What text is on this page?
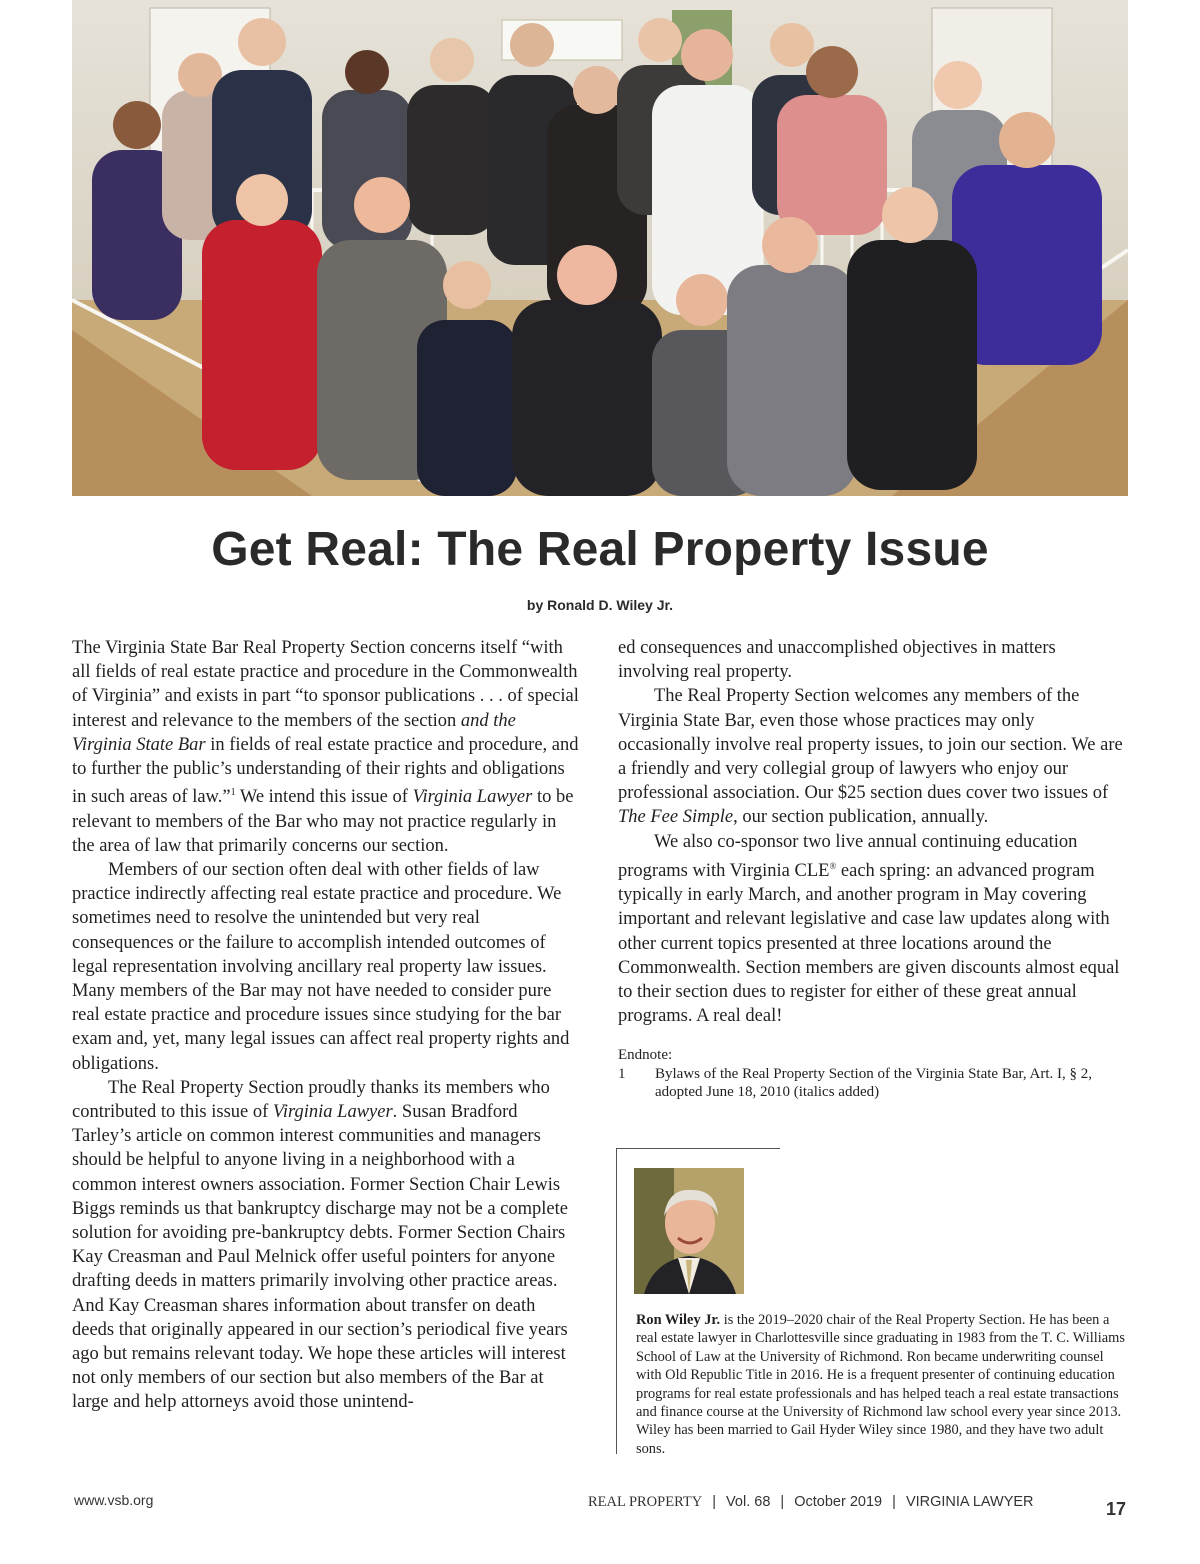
Get Real: The Real Property Issue
by Ronald D. Wiley Jr.

The Virginia State Bar Real Property Section concerns itself “with all fields of real estate practice and procedure in the Commonwealth of Virginia” and exists in part “to sponsor publications . . . of special interest and relevance to the members of the section and the Virginia State Bar in fields of real estate practice and procedure, and to further the public’s understanding of their rights and obligations in such areas of law.”$^1$ We intend this issue of Virginia Lawyer to be relevant to members of the Bar who may not practice regularly in the area of law that primarily concerns our section.

Members of our section often deal with other fields of law practice indirectly affecting real estate practice and procedure. We sometimes need to resolve the unintended but very real consequences or the failure to accomplish intended outcomes of legal representation involving ancillary real property law issues. Many members of the Bar may not have needed to consider pure real estate practice and procedure issues since studying for the bar exam and, yet, many legal issues can affect real property rights and obligations.

The Real Property Section proudly thanks its members who contributed to this issue of Virginia Lawyer. Susan Bradford Tarley’s article on common interest communities and managers should be helpful to anyone living in a neighborhood with a common interest owners association. Former Section Chair Lewis Biggs reminds us that bankruptcy discharge may not be a complete solution for avoiding pre-bankruptcy debts. Former Section Chairs Kay Creasman and Paul Melnick offer useful pointers for anyone drafting deeds in matters primarily involving other practice areas. And Kay Creasman shares information about transfer on death deeds that originally appeared in our section’s periodical five years ago but remains relevant today. We hope these articles will interest not only members of our section but also members of the Bar at large and help attorneys avoid those unintend-

ed consequences and unaccomplished objectives in matters involving real property.

The Real Property Section welcomes any members of the Virginia State Bar, even those whose practices may only occasionally involve real property issues, to join our section. We are a friendly and very collegial group of lawyers who enjoy our professional association. Our $25 section dues cover two issues of The Fee Simple, our section publication, annually.

We also co-sponsor two live annual continuing education programs with Virginia CLE® each spring: an advanced program typically in early March, and another program in May covering important and relevant legislative and case law updates along with other current topics presented at three locations around the Commonwealth. Section members are given discounts almost equal to their section dues to register for either of these great annual programs. A real deal!

Endnote:
1	Bylaws of the Real Property Section of the Virginia State Bar, Art. I, § 2, adopted June 18, 2010 (italics added)
Ron Wiley Jr. is the 2019–2020 chair of the Real Property Section. He has been a real estate lawyer in Charlottesville since graduating in 1983 from the T. C. Williams School of Law at the University of Richmond. Ron became underwriting counsel with Old Republic Title in 2016. He is a frequent presenter of continuing education programs for real estate professionals and has helped teach a real estate transactions and finance course at the University of Richmond law school every year since 2013. Wiley has been married to Gail Hyder Wiley since 1980, and they have two adult sons.
www.vsb.org	REAL PROPERTY | Vol. 68 | October 2019 | VIRGINIA LAWYER	17
